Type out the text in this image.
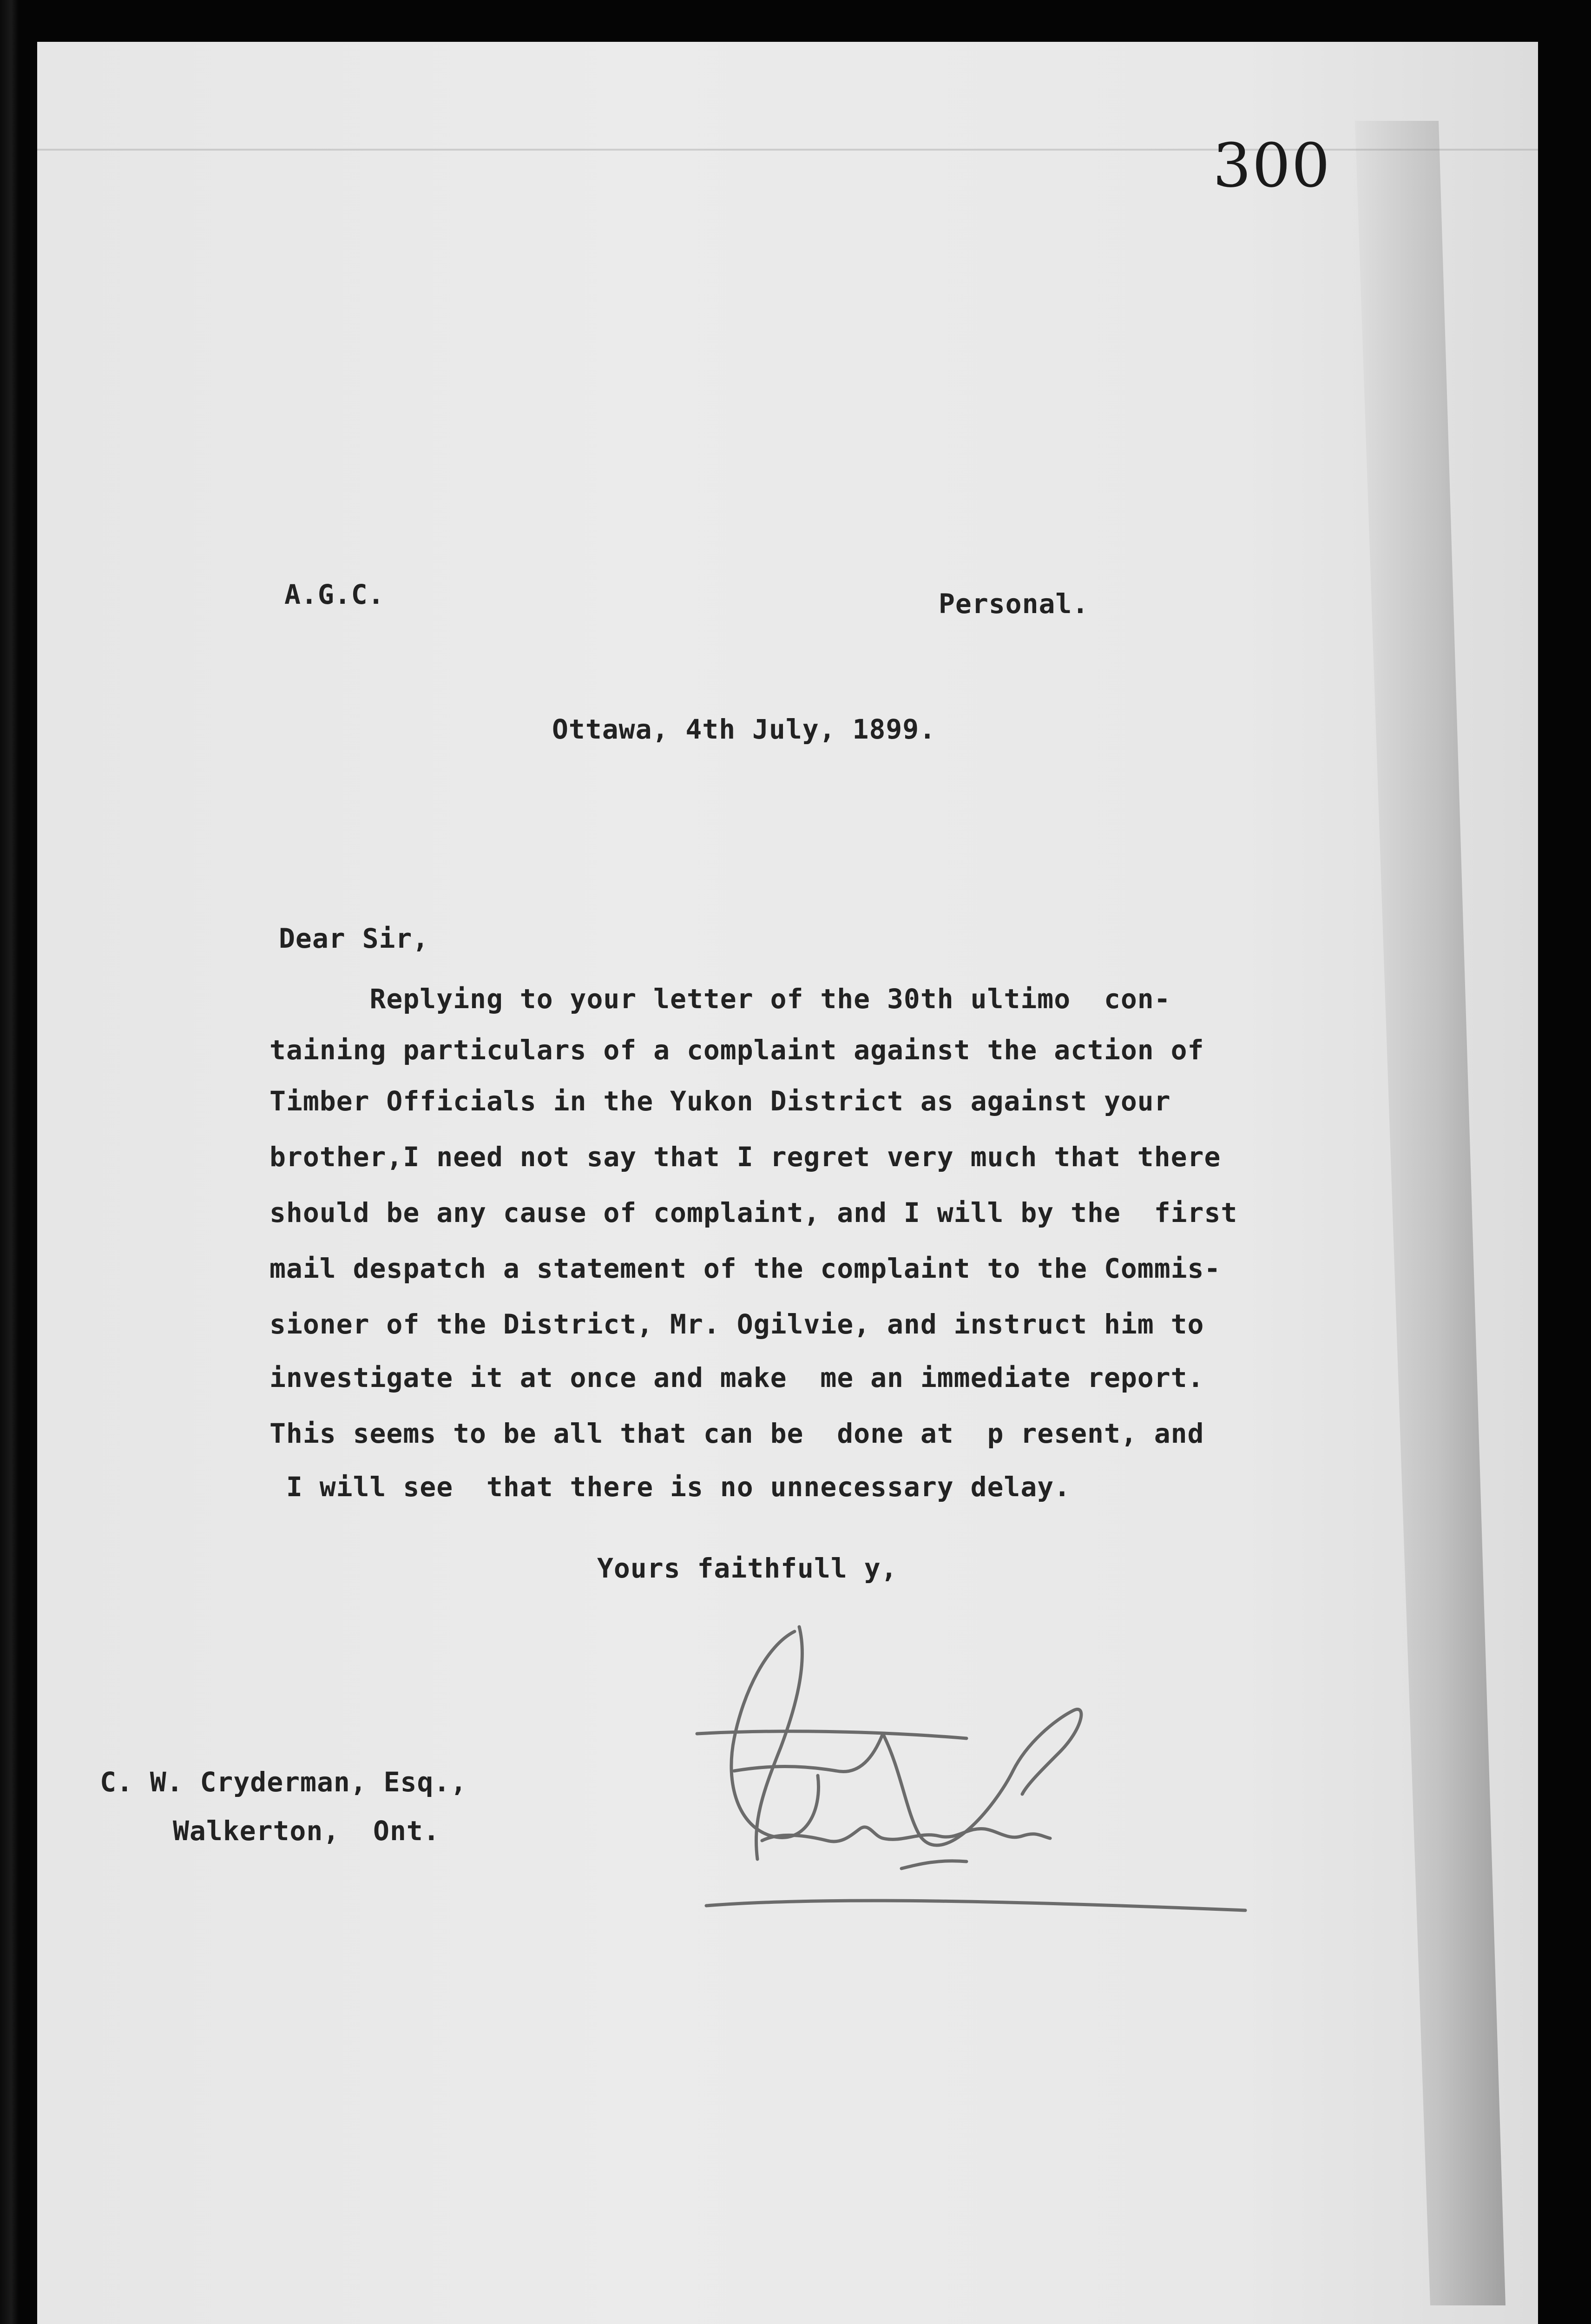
300
A.G.C.	Personal.
Ottawa, 4th July, 1899.
Dear Sir,
Replying to your letter of the 30th ultimo  con-
taining particulars of a complaint against the action of
Timber Officials in the Yukon District as against your
brother,I need not say that I regret very much that there
should be any cause of complaint, and I will by the  first
mail despatch a statement of the complaint to the Commis-
sioner of the District, Mr. Ogilvie, and instruct him to
investigate it at once and make  me an immediate report.
This seems to be all that can be  done at  p resent, and
I will see  that there is no unnecessary delay.
Yours faithfull y,
C. W. Cryderman, Esq.,
Walkerton,  Ont.
